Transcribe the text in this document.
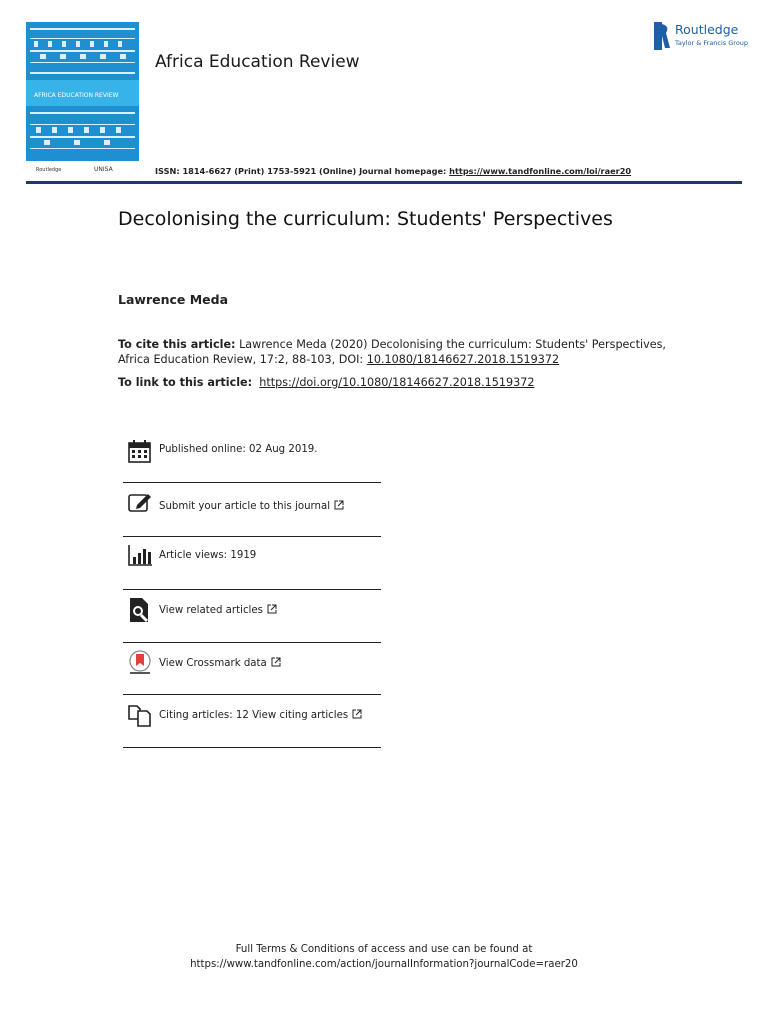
AFRICA EDUCATION REVIEW
Routledge	UNISA
Africa Education Review
Routledge
Taylor & Francis Group
ISSN: 1814-6627 (Print) 1753-5921 (Online) Journal homepage: https://www.tandfonline.com/loi/raer20
Decolonising the curriculum: Students' Perspectives
Lawrence Meda
To cite this article: Lawrence Meda (2020) Decolonising the curriculum: Students' Perspectives, Africa Education Review, 17:2, 88-103, DOI: 10.1080/18146627.2018.1519372
To link to this article: https://doi.org/10.1080/18146627.2018.1519372
Published online: 02 Aug 2019.
Submit your article to this journal
Article views: 1919
View related articles
View Crossmark data
Citing articles: 12 View citing articles
Full Terms & Conditions of access and use can be found at
https://www.tandfonline.com/action/journalInformation?journalCode=raer20
